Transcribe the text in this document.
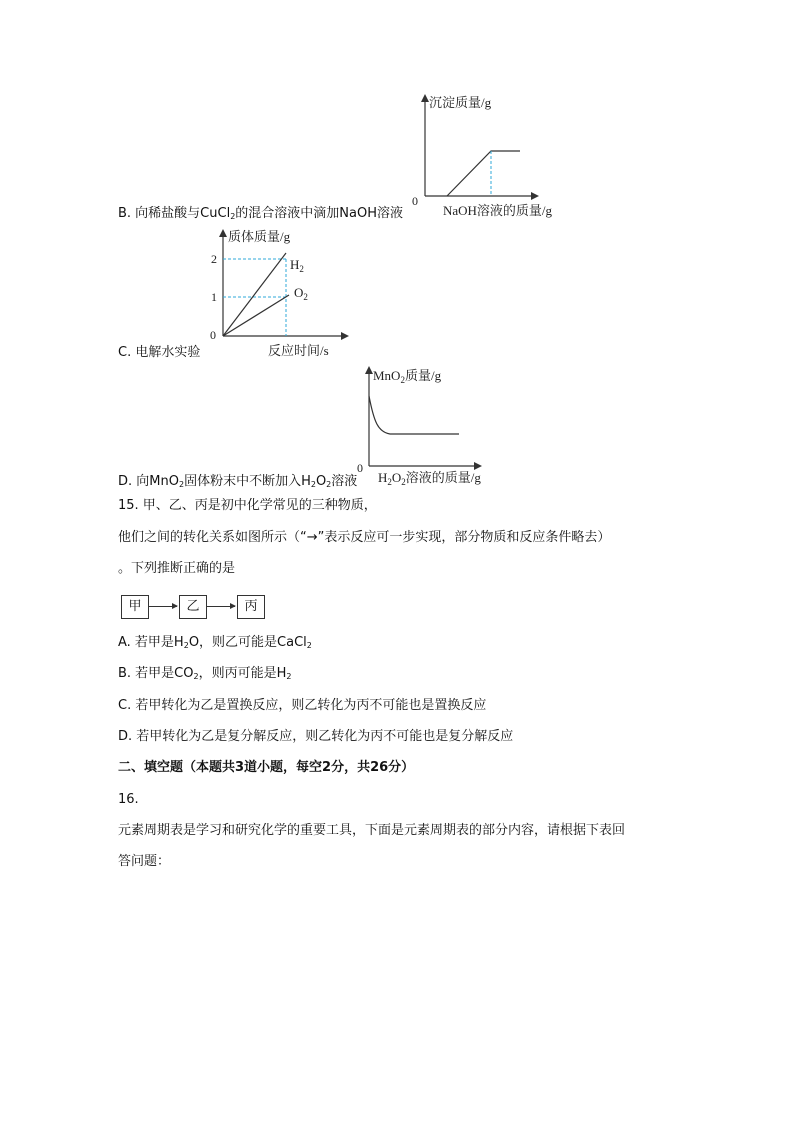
沉淀质量/g
0
NaOH溶液的质量/g
B. 向稀盐酸与CuCl$_2$的混合溶液中滴加NaOH溶液
质体质量/g
2
1
0
$H_2$
$O_2$
反应时间/s
C. 电解水实验
MnO$_2$质量/g
0
$H_2O_2$溶液的质量/g
D. 向MnO$_2$固体粉末中不断加入$H_2O_2$溶液
15. 甲、乙、丙是初中化学常见的三种物质，
他们之间的转化关系如图所示（“→”表示反应可一步实现，部分物质和反应条件略去）
。下列推断正确的是
甲	乙	丙
A. 若甲是$H_2O$，则乙可能是CaCl$_2$
B. 若甲是$CO_2$，则丙可能是$H_2$
C. 若甲转化为乙是置换反应，则乙转化为丙不可能也是置换反应
D. 若甲转化为乙是复分解反应，则乙转化为丙不可能也是复分解反应
二、填空题（本题共3道小题，每空2分，共26分）
16.
元素周期表是学习和研究化学的重要工具，下面是元素周期表的部分内容，请根据下表回
答问题：
